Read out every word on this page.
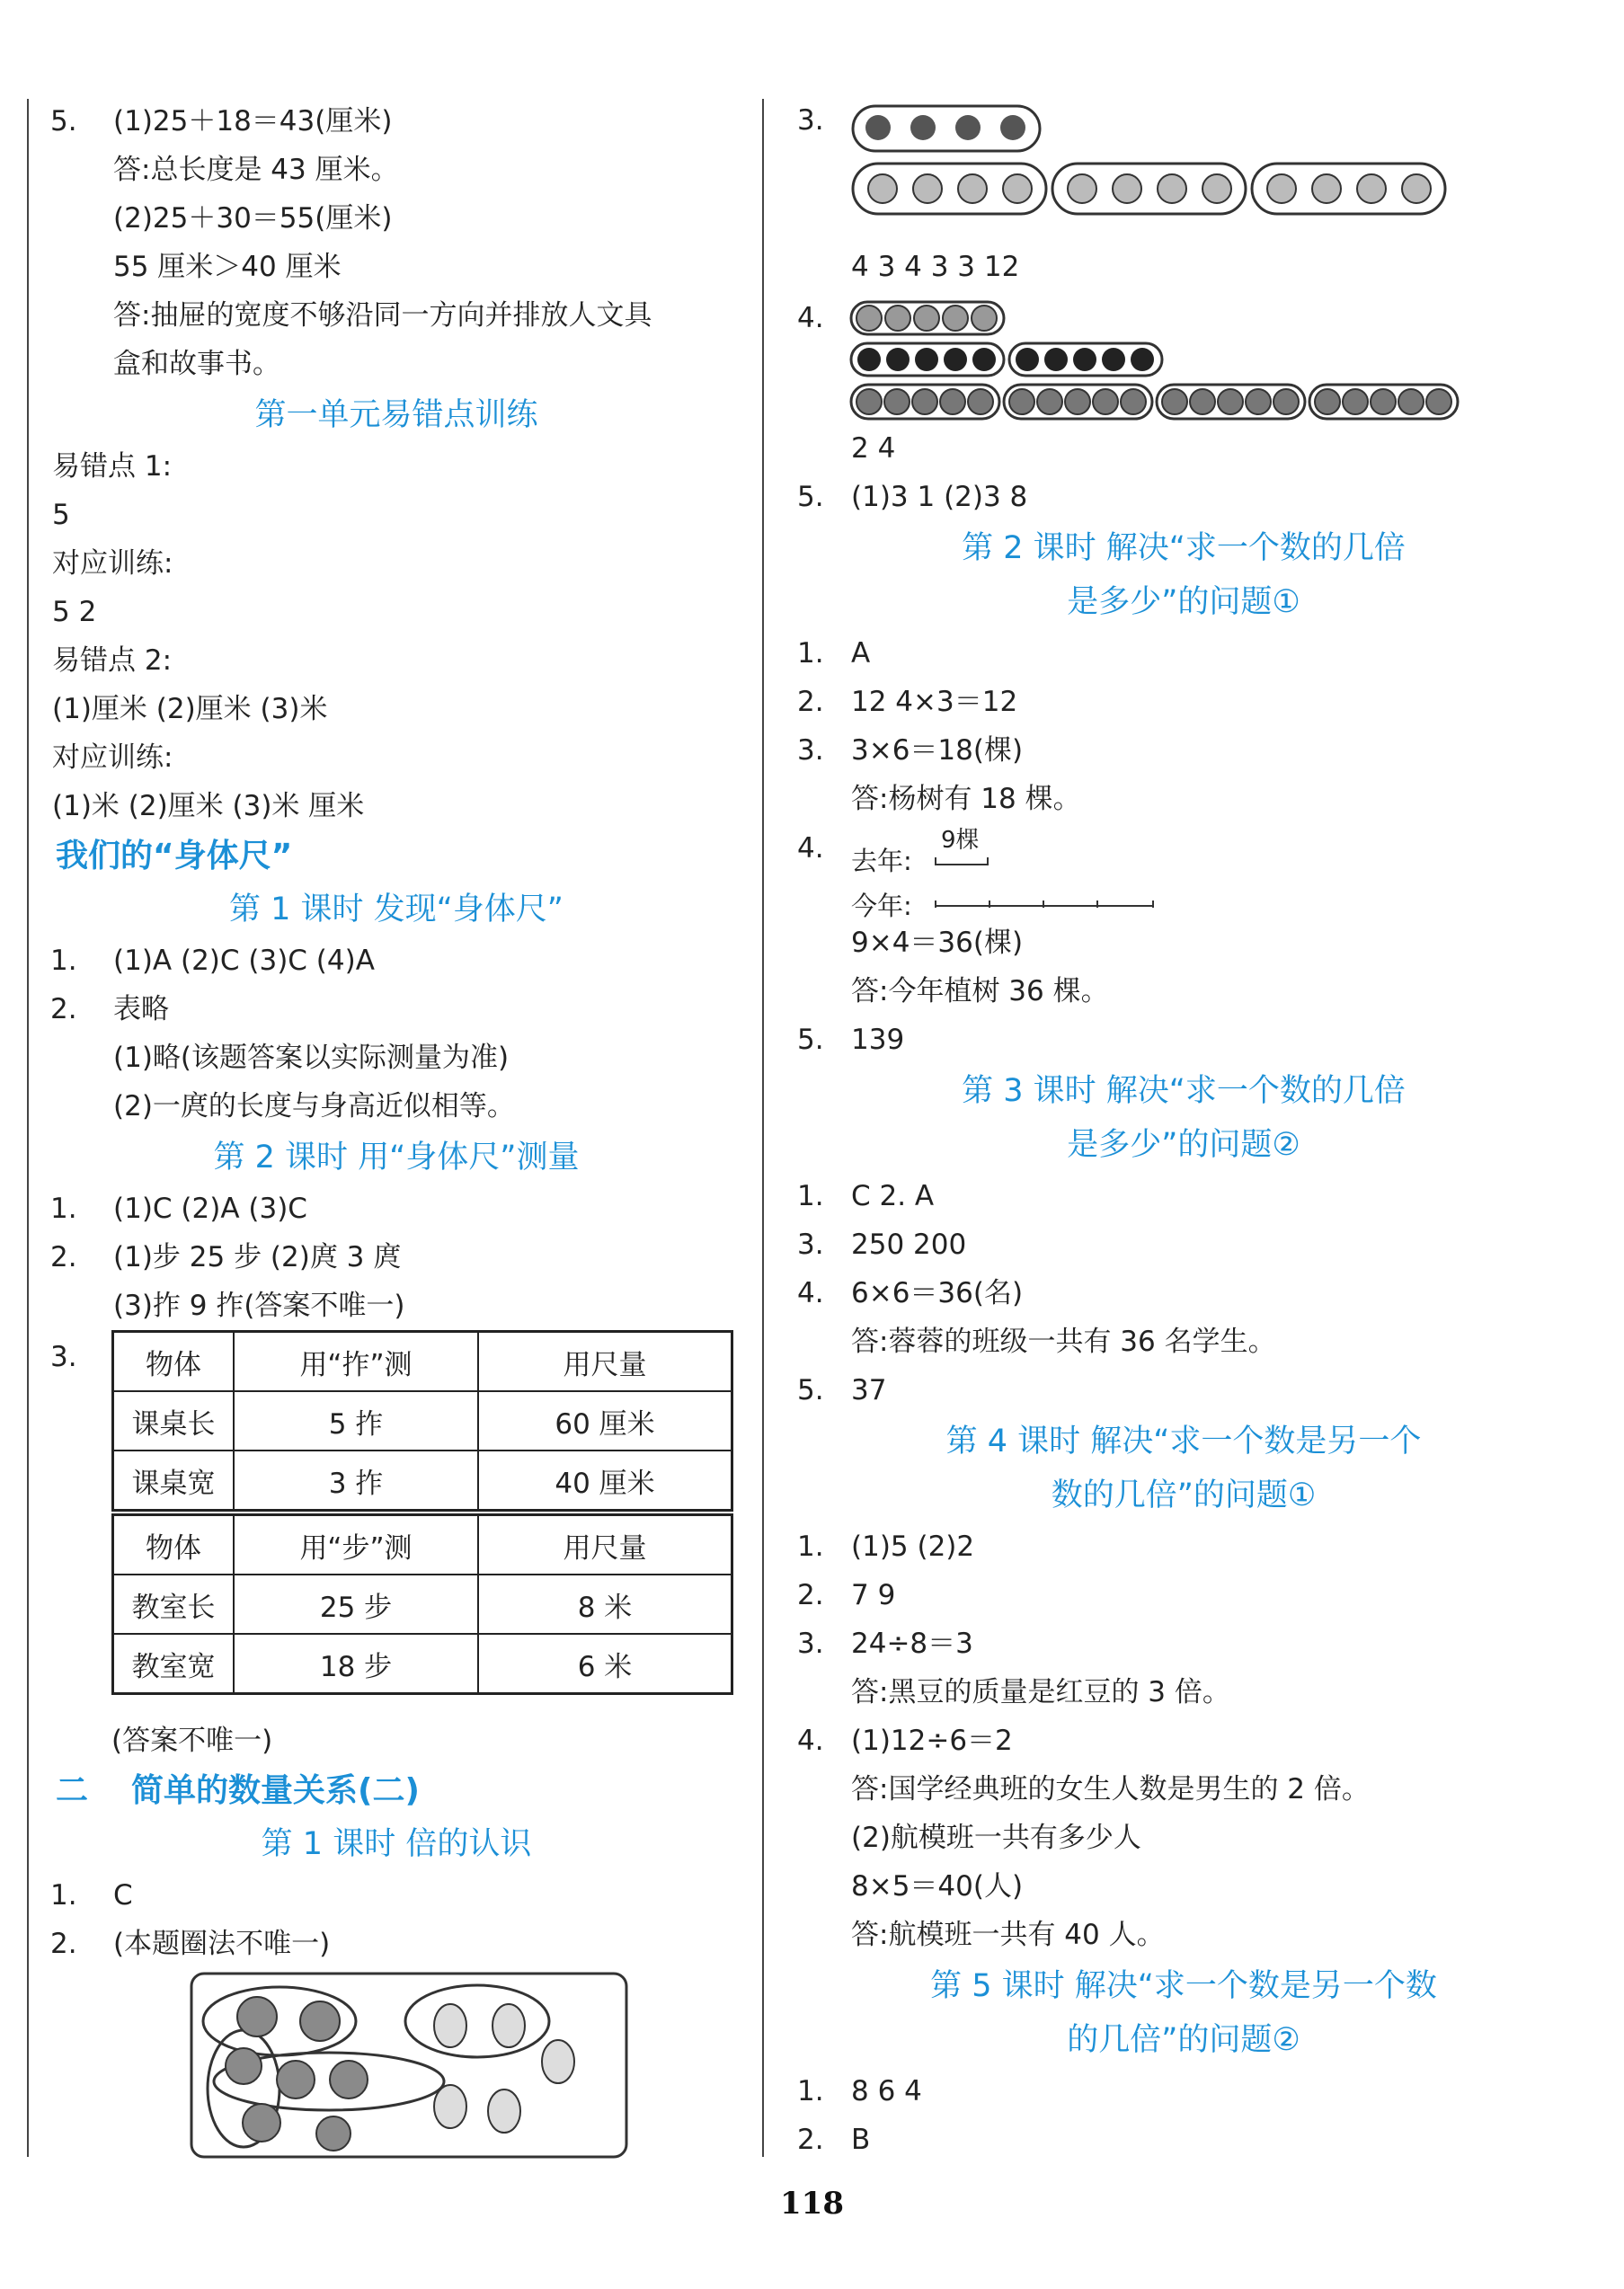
5. (1)25＋18＝43(厘米)
答:总长度是 43 厘米。
(2)25＋30＝55(厘米)
55 厘米＞40 厘米
答:抽屉的宽度不够沿同一方向并排放人文具
盒和故事书。
第一单元易错点训练
易错点 1:
5
对应训练:
5 2
易错点 2:
(1)厘米 (2)厘米 (3)米
对应训练:
(1)米 (2)厘米 (3)米 厘米
我们的“身体尺”
第 1 课时 发现“身体尺”
1. (1)A (2)C (3)C (4)A
2. 表略
(1)略(该题答案以实际测量为准)
(2)一庹的长度与身高近似相等。
第 2 课时 用“身体尺”测量
1. (1)C (2)A (3)C
2. (1)步 25 步 (2)庹 3 庹
(3)拃 9 拃(答案不唯一)
3. 物体	用“拃”测	用尺量
课桌长	5 拃	60 厘米
课桌宽	3 拃	40 厘米
物体	用“步”测	用尺量
教室长	25 步	8 米
教室宽	18 步	6 米
(答案不唯一)
二 简单的数量关系(二)
第 1 课时 倍的认识
1. C
2. (本题圈法不唯一)
3.
4 3 4 3 3 12
4.
2 4
5. (1)3 1 (2)3 8
第 2 课时 解决“求一个数的几倍
是多少”的问题①
1. A
2. 12 4×3＝12
3. 3×6＝18(棵)
答:杨树有 18 棵。
4. 去年:
9棵
今年:
9×4＝36(棵)
答:今年植树 36 棵。
5. 139
第 3 课时 解决“求一个数的几倍
是多少”的问题②
1. C 2. A
3. 250 200
4. 6×6＝36(名)
答:蓉蓉的班级一共有 36 名学生。
5. 37
第 4 课时 解决“求一个数是另一个
数的几倍”的问题①
1. (1)5 (2)2
2. 7 9
3. 24÷8＝3
答:黑豆的质量是红豆的 3 倍。
4. (1)12÷6＝2
答:国学经典班的女生人数是男生的 2 倍。
(2)航模班一共有多少人
8×5＝40(人)
答:航模班一共有 40 人。
第 5 课时 解决“求一个数是另一个数
的几倍”的问题②
1. 8 6 4
2. B
118
